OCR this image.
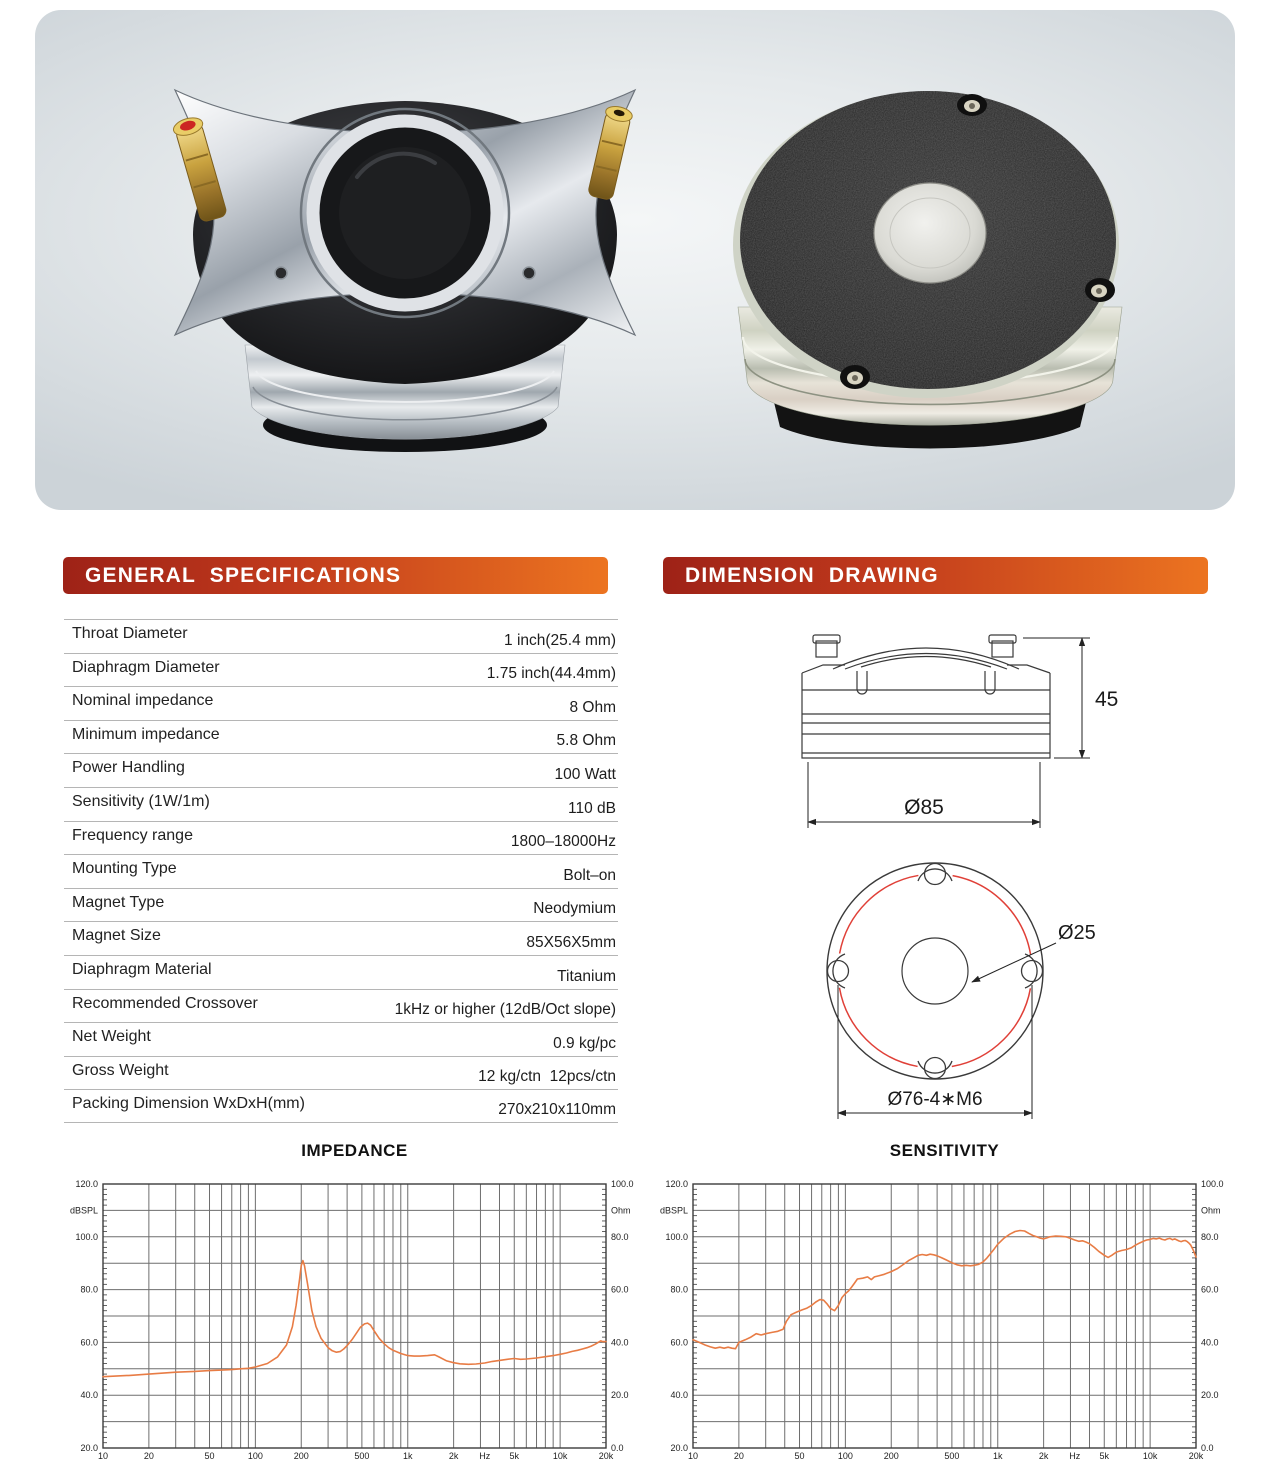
GENERAL  SPECIFICATIONS	DIMENSION  DRAWING
Throat Diameter	1 inch(25.4 mm)
Diaphragm Diameter	1.75 inch(44.4mm)
Nominal impedance	8 Ohm
Minimum impedance	5.8 Ohm
Power Handling	100 Watt
Sensitivity (1W/1m)	110 dB
Frequency range	1800–18000Hz
Mounting Type	Bolt–on
Magnet Type	Neodymium
Magnet Size	85X56X5mm
Diaphragm Material	Titanium
Recommended Crossover	1kHz or higher (12dB/Oct slope)
Net Weight	0.9 kg/pc
Gross Weight	12 kg/ctn  12pcs/ctn
Packing Dimension WxDxH(mm)	270x210x110mm
45
Ø85
Ø25
Ø76-4∗M6
IMPEDANCE
120.0
100.0
80.0
60.0
40.0
20.0
dBSPL
100.0
80.0
60.0
40.0
20.0
0.0
Ohm
10	20	50	100	200	500	1k	2k	5k	10k	20k
Hz
SENSITIVITY
120.0
100.0
80.0
60.0
40.0
20.0
dBSPL
100.0
80.0
60.0
40.0
20.0
0.0
Ohm
10	20	50	100	200	500	1k	2k	5k	10k	20k
Hz
